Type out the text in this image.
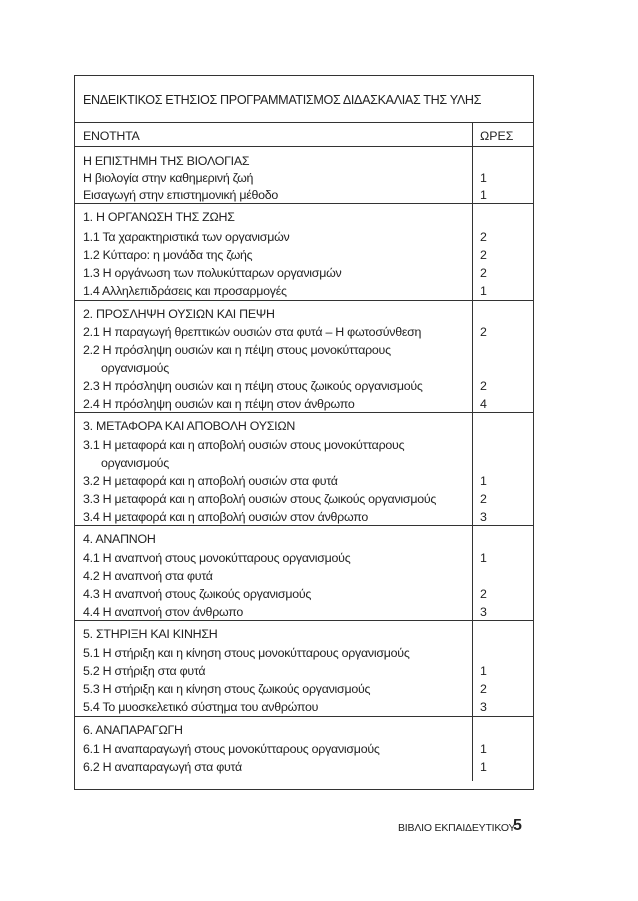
ΕΝΔΕΙΚΤΙΚΟΣ ΕΤΗΣΙΟΣ ΠΡΟΓΡΑΜΜΑΤΙΣΜΟΣ ΔΙΔΑΣΚΑΛΙΑΣ ΤΗΣ ΥΛΗΣ
ΕΝΟΤΗΤΑ	ΩΡΕΣ
Η ΕΠΙΣΤΗΜΗ ΤΗΣ ΒΙΟΛΟΓΙΑΣ
Η βιολογία στην καθημερινή ζωή	1
Εισαγωγή στην επιστημονική μέθοδο	1
1. Η ΟΡΓΑΝΩΣΗ ΤΗΣ ΖΩΗΣ
1.1 Τα χαρακτηριστικά των οργανισμών	2
1.2 Κύτταρο: η μονάδα της ζωής	2
1.3 Η οργάνωση των πολυκύτταρων οργανισμών	2
1.4 Αλληλεπιδράσεις και προσαρμογές	1
2. ΠΡΟΣΛΗΨΗ ΟΥΣΙΩΝ ΚΑΙ ΠΕΨΗ
2.1 Η παραγωγή θρεπτικών ουσιών στα φυτά – Η φωτοσύνθεση	2
2.2 Η πρόσληψη ουσιών και η πέψη στους μονοκύτταρους
οργανισμούς
2.3 Η πρόσληψη ουσιών και η πέψη στους ζωικούς οργανισμούς	2
2.4 Η πρόσληψη ουσιών και η πέψη στον άνθρωπο	4
3. ΜΕΤΑΦΟΡΑ ΚΑΙ ΑΠΟΒΟΛΗ ΟΥΣΙΩΝ
3.1 Η μεταφορά και η αποβολή ουσιών στους μονοκύτταρους
οργανισμούς
3.2 Η μεταφορά και η αποβολή ουσιών στα φυτά	1
3.3 Η μεταφορά και η αποβολή ουσιών στους ζωικούς οργανισμούς	2
3.4 Η μεταφορά και η αποβολή ουσιών στον άνθρωπο	3
4. ΑΝΑΠΝΟΗ
4.1 Η αναπνοή στους μονοκύτταρους οργανισμούς	1
4.2 Η αναπνοή στα φυτά
4.3 Η αναπνοή στους ζωικούς οργανισμούς	2
4.4 Η αναπνοή στον άνθρωπο	3
5. ΣΤΗΡΙΞΗ ΚΑΙ ΚΙΝΗΣΗ
5.1 Η στήριξη και η κίνηση στους μονοκύτταρους οργανισμούς
5.2 Η στήριξη στα φυτά	1
5.3 Η στήριξη και η κίνηση στους ζωικούς οργανισμούς	2
5.4 Το μυοσκελετικό σύστημα του ανθρώπου	3
6. ΑΝΑΠΑΡΑΓΩΓΗ
6.1 Η αναπαραγωγή στους μονοκύτταρους οργανισμούς	1
6.2 Η αναπαραγωγή στα φυτά	1
ΒΙΒΛΙΟ ΕΚΠΑΙΔΕΥΤΙΚΟΥ
5
